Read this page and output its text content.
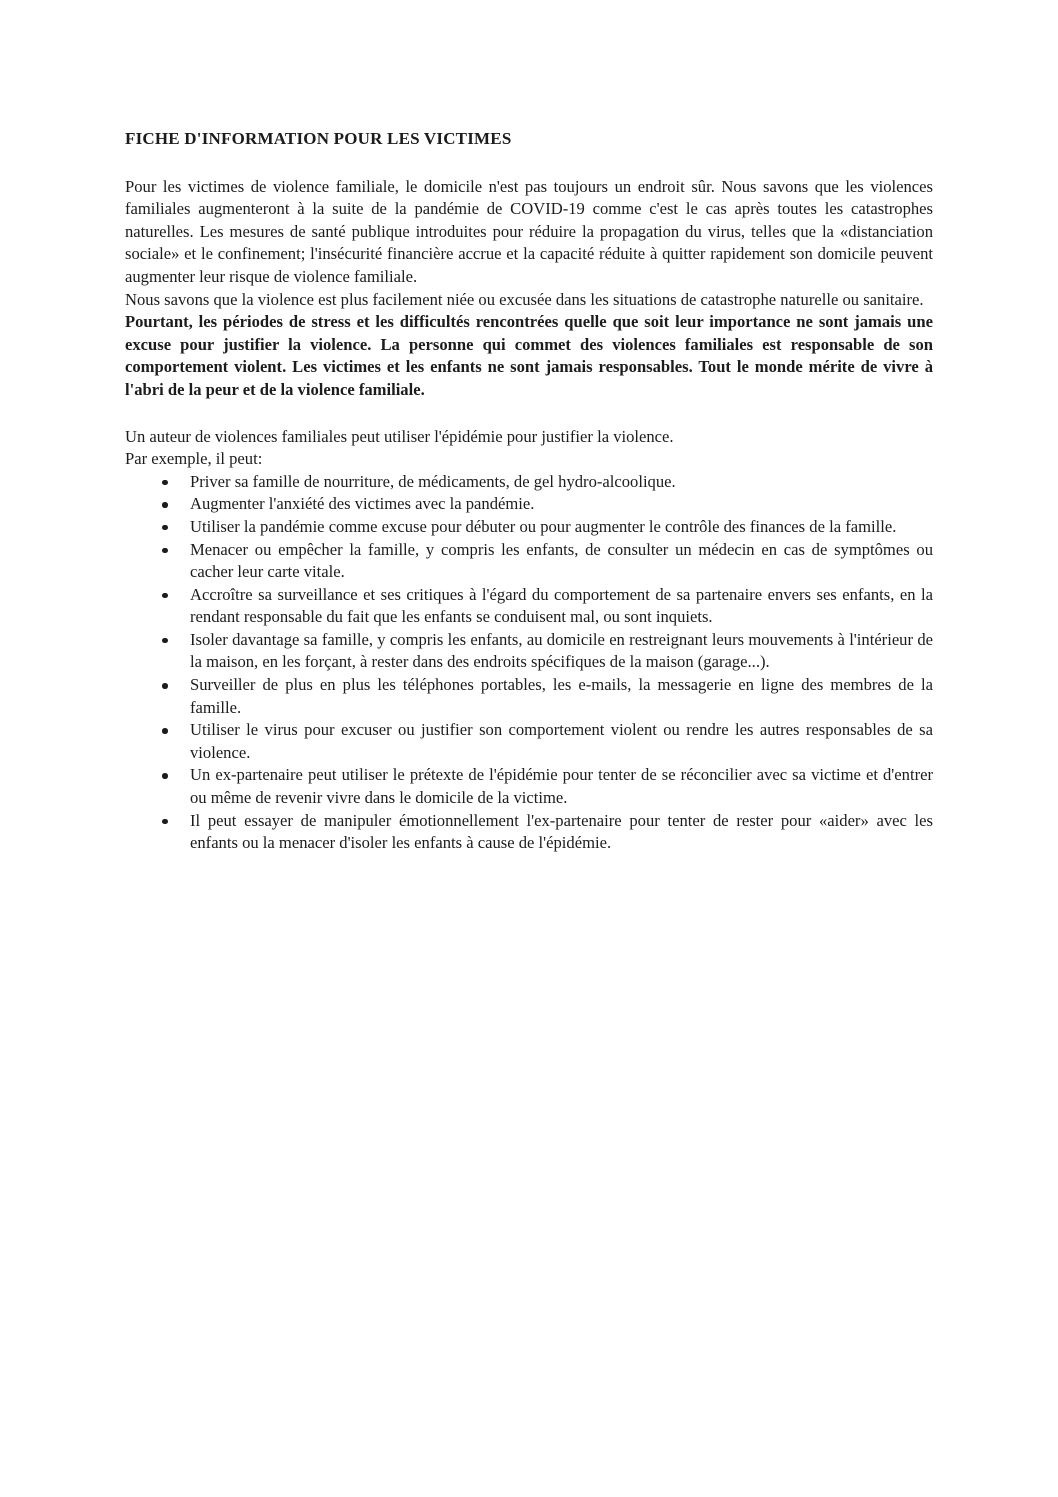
FICHE D'INFORMATION POUR LES VICTIMES

Pour les victimes de violence familiale, le domicile n'est pas toujours un endroit sûr. Nous savons que les violences familiales augmenteront à la suite de la pandémie de COVID-19 comme c'est le cas après toutes les catastrophes naturelles. Les mesures de santé publique introduites pour réduire la propagation du virus, telles que la «distanciation sociale» et le confinement; l'insécurité financière accrue et la capacité réduite à quitter rapidement son domicile peuvent augmenter leur risque de violence familiale.

Nous savons que la violence est plus facilement niée ou excusée dans les situations de catastrophe naturelle ou sanitaire.

Pourtant, les périodes de stress et les difficultés rencontrées quelle que soit leur importance ne sont jamais une excuse pour justifier la violence. La personne qui commet des violences familiales est responsable de son comportement violent. Les victimes et les enfants ne sont jamais responsables. Tout le monde mérite de vivre à l'abri de la peur et de la violence familiale.

Un auteur de violences familiales peut utiliser l'épidémie pour justifier la violence.

Par exemple, il peut:

Priver sa famille de nourriture, de médicaments, de gel hydro-alcoolique.
Augmenter l'anxiété des victimes avec la pandémie.
Utiliser la pandémie comme excuse pour débuter ou pour augmenter le contrôle des finances de la famille.
Menacer ou empêcher la famille, y compris les enfants, de consulter un médecin en cas de symptômes ou cacher leur carte vitale.
Accroître sa surveillance et ses critiques à l'égard du comportement de sa partenaire envers ses enfants, en la rendant responsable du fait que les enfants se conduisent mal, ou sont inquiets.
Isoler davantage sa famille, y compris les enfants, au domicile en restreignant leurs mouvements à l'intérieur de la maison, en les forçant, à rester dans des endroits spécifiques de la maison (garage...).
Surveiller de plus en plus les téléphones portables, les e-mails, la messagerie en ligne des membres de la famille.
Utiliser le virus pour excuser ou justifier son comportement violent ou rendre les autres responsables de sa violence.
Un ex-partenaire peut utiliser le prétexte de l'épidémie pour tenter de se réconcilier avec sa victime et d'entrer ou même de revenir vivre dans le domicile de la victime.
Il peut essayer de manipuler émotionnellement l'ex-partenaire pour tenter de rester pour «aider» avec les enfants ou la menacer d'isoler les enfants à cause de l'épidémie.
